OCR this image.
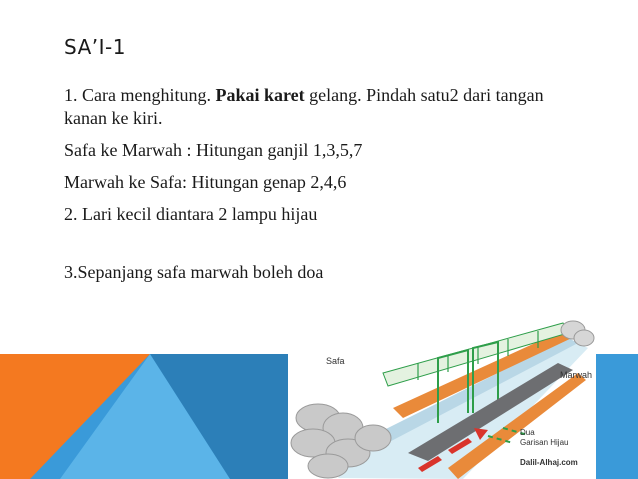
SA’I-1

1. Cara menghitung. Pakai karet gelang. Pindah satu2 dari tangan kanan ke kiri.

Safa ke Marwah : Hitungan ganjil 1,3,5,7

Marwah ke Safa: Hitungan genap 2,4,6

2. Lari kecil diantara 2 lampu hijau

3.Sepanjang safa marwah boleh doa

Safa
Marwah
Dua
Garisan Hijau
Dalil-Alhaj.com
